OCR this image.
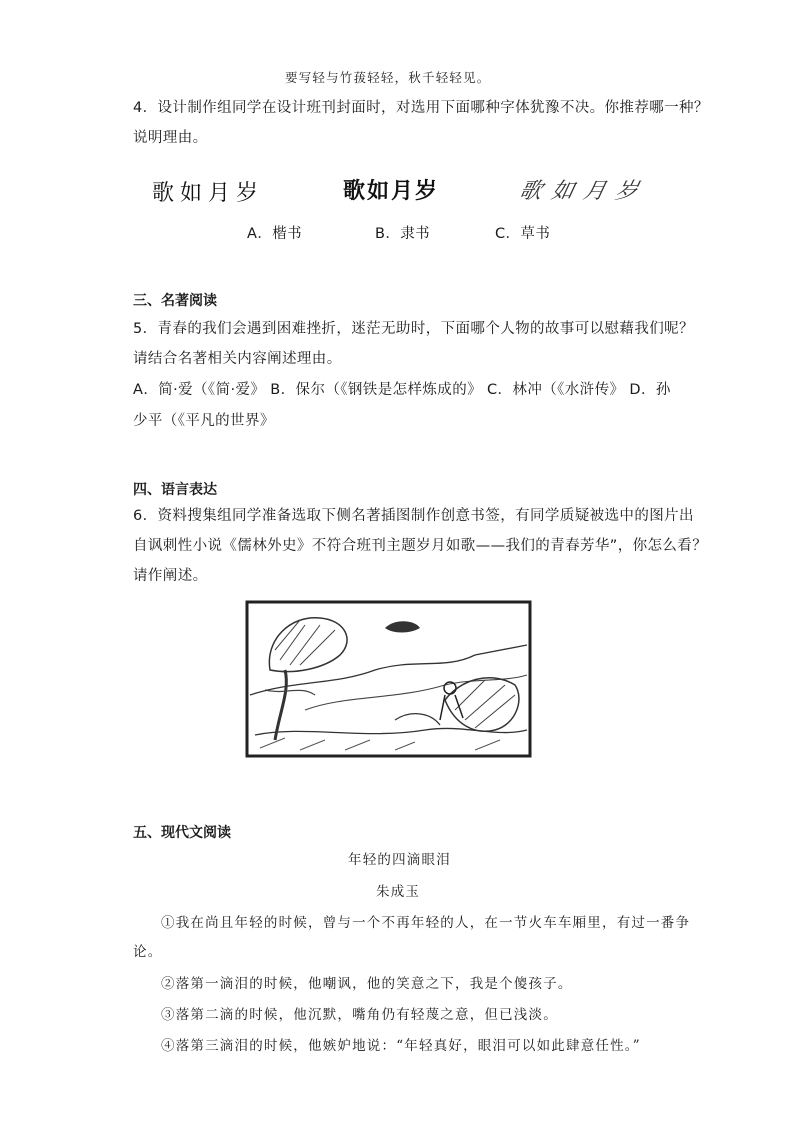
要写轻与竹菝轻轻，秋千轻轻见。
4．设计制作组同学在设计班刊封面时，对选用下面哪种字体犹豫不决。你推荐哪一种？
说明理由。
歌如月岁	歌如月岁	歌如月岁
A．楷书	B．隶书	C．草书
三、名著阅读
5．青春的我们会遇到困难挫折，迷茫无助时，下面哪个人物的故事可以慰藉我们呢？
请结合名著相关内容阐述理由。
A．简·爱（《简·爱》 B．保尔（《钢铁是怎样炼成的》 C．林冲（《水浒传》 D．孙
少平（《平凡的世界》
四、语言表达
6．资料搜集组同学准备选取下侧名著插图制作创意书签，有同学质疑被选中的图片出
自讽刺性小说《儒林外史》不符合班刊主题岁月如歌——我们的青春芳华”，你怎么看？
请作阐述。
五、现代文阅读
年轻的四滴眼泪
朱成玉
①我在尚且年轻的时候，曾与一个不再年轻的人，在一节火车车厢里，有过一番争
论。
②落第一滴泪的时候，他嘲讽，他的笑意之下，我是个傻孩子。
③落第二滴的时候，他沉默，嘴角仍有轻蔑之意，但已浅淡。
④落第三滴泪的时候，他嫉妒地说：“年轻真好，眼泪可以如此肆意任性。”
